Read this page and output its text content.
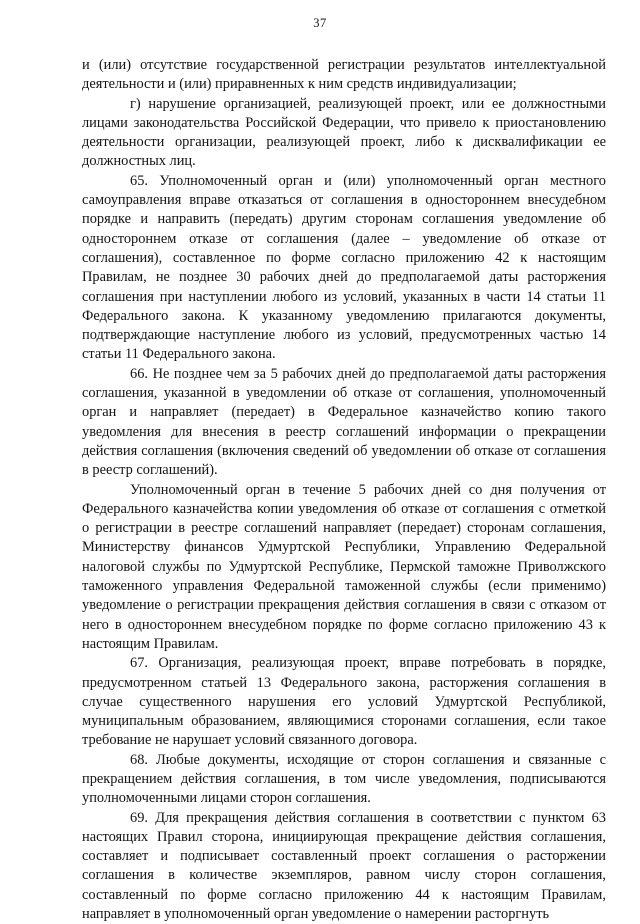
37

и (или) отсутствие государственной регистрации результатов интеллектуальной деятельности и (или) приравненных к ним средств индивидуализации;

г) нарушение организацией, реализующей проект, или ее должностными лицами законодательства Российской Федерации, что привело к приостановлению деятельности организации, реализующей проект, либо к дисквалификации ее должностных лиц.

65. Уполномоченный орган и (или) уполномоченный орган местного самоуправления вправе отказаться от соглашения в одностороннем внесудебном порядке и направить (передать) другим сторонам соглашения уведомление об одностороннем отказе от соглашения (далее – уведомление об отказе от соглашения), составленное по форме согласно приложению 42 к настоящим Правилам, не позднее 30 рабочих дней до предполагаемой даты расторжения соглашения при наступлении любого из условий, указанных в части 14 статьи 11 Федерального закона. К указанному уведомлению прилагаются документы, подтверждающие наступление любого из условий, предусмотренных частью 14 статьи 11 Федерального закона.

66. Не позднее чем за 5 рабочих дней до предполагаемой даты расторжения соглашения, указанной в уведомлении об отказе от соглашения, уполномоченный орган и направляет (передает) в Федеральное казначейство копию такого уведомления для внесения в реестр соглашений информации о прекращении действия соглашения (включения сведений об уведомлении об отказе от соглашения в реестр соглашений).

Уполномоченный орган в течение 5 рабочих дней со дня получения от Федерального казначейства копии уведомления об отказе от соглашения с отметкой о регистрации в реестре соглашений направляет (передает) сторонам соглашения, Министерству финансов Удмуртской Республики, Управлению Федеральной налоговой службы по Удмуртской Республике, Пермской таможне Приволжского таможенного управления Федеральной таможенной службы (если применимо) уведомление о регистрации прекращения действия соглашения в связи с отказом от него в одностороннем внесудебном порядке по форме согласно приложению 43 к настоящим Правилам.

67. Организация, реализующая проект, вправе потребовать в порядке, предусмотренном статьей 13 Федерального закона, расторжения соглашения в случае существенного нарушения его условий Удмуртской Республикой, муниципальным образованием, являющимися сторонами соглашения, если такое требование не нарушает условий связанного договора.

68. Любые документы, исходящие от сторон соглашения и связанные с прекращением действия соглашения, в том числе уведомления, подписываются уполномоченными лицами сторон соглашения.

69. Для прекращения действия соглашения в соответствии с пунктом 63 настоящих Правил сторона, инициирующая прекращение действия соглашения, составляет и подписывает составленный проект соглашения о расторжении соглашения в количестве экземпляров, равном числу сторон соглашения, составленный по форме согласно приложению 44 к настоящим Правилам, направляет в уполномоченный орган уведомление о намерении расторгнуть
